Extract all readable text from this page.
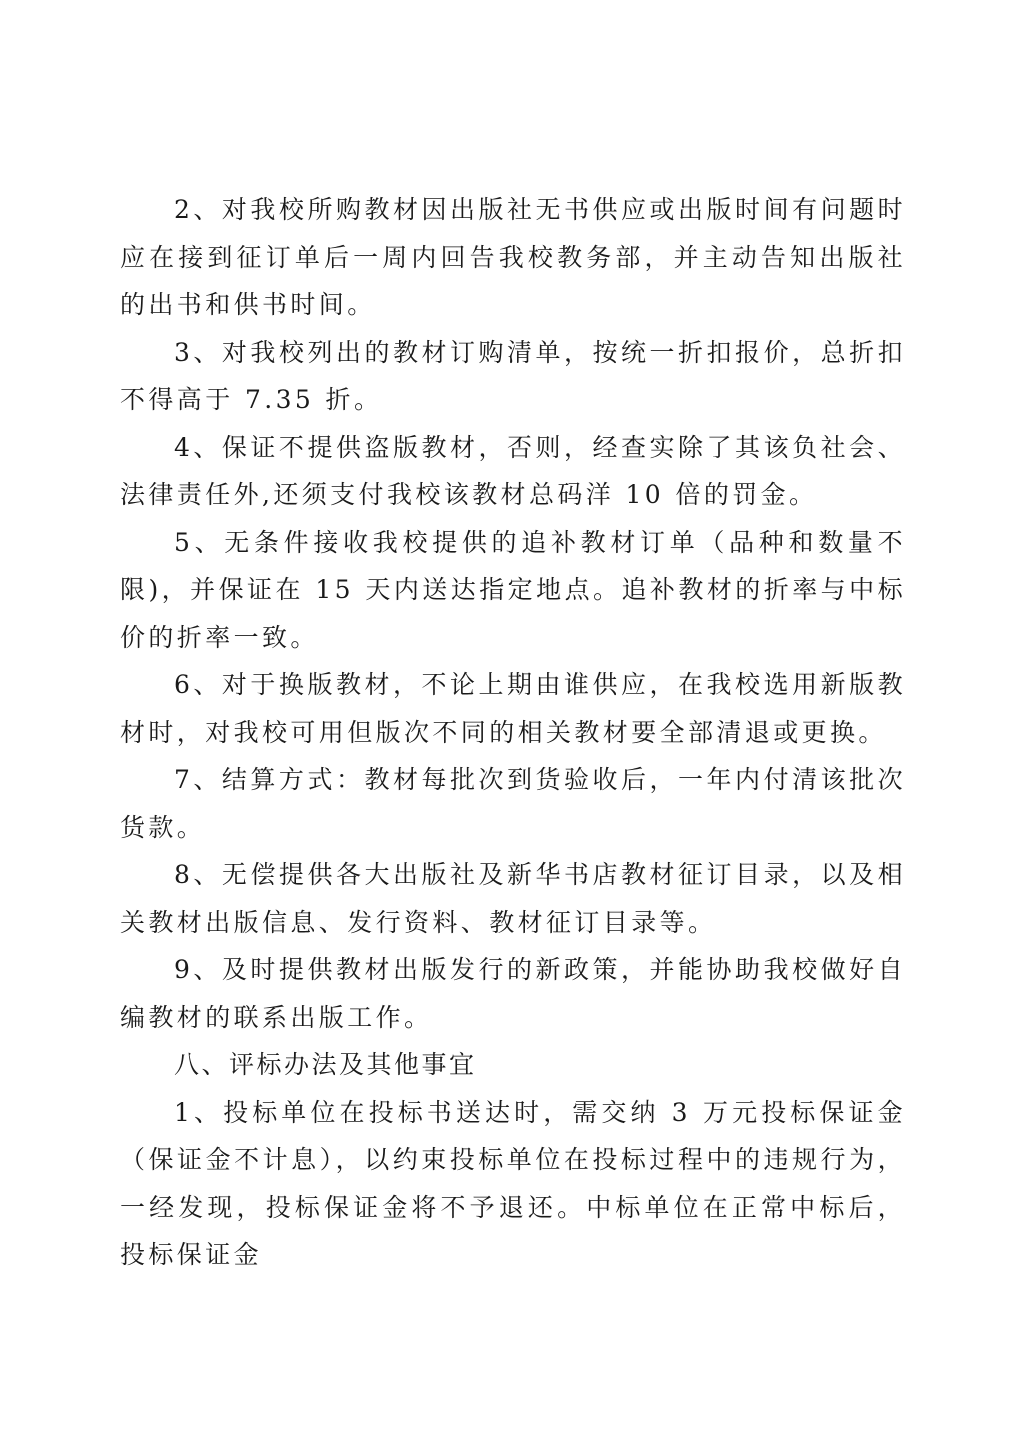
2、对我校所购教材因出版社无书供应或出版时间有问题时应在接到征订单后一周内回告我校教务部，并主动告知出版社的出书和供书时间。

3、对我校列出的教材订购清单，按统一折扣报价，总折扣不得高于 7.35 折。

4、保证不提供盗版教材，否则，经查实除了其该负社会、法律责任外,还须支付我校该教材总码洋 10 倍的罚金。

5、无条件接收我校提供的追补教材订单（品种和数量不限)，并保证在 15 天内送达指定地点。追补教材的折率与中标价的折率一致。

6、对于换版教材，不论上期由谁供应，在我校选用新版教材时，对我校可用但版次不同的相关教材要全部清退或更换。

7、结算方式：教材每批次到货验收后，一年内付清该批次货款。

8、无偿提供各大出版社及新华书店教材征订目录，以及相关教材出版信息、发行资料、教材征订目录等。

9、及时提供教材出版发行的新政策，并能协助我校做好自编教材的联系出版工作。

八、评标办法及其他事宜

1、投标单位在投标书送达时，需交纳 3 万元投标保证金（保证金不计息），以约束投标单位在投标过程中的违规行为，一经发现，投标保证金将不予退还。中标单位在正常中标后，投标保证金
